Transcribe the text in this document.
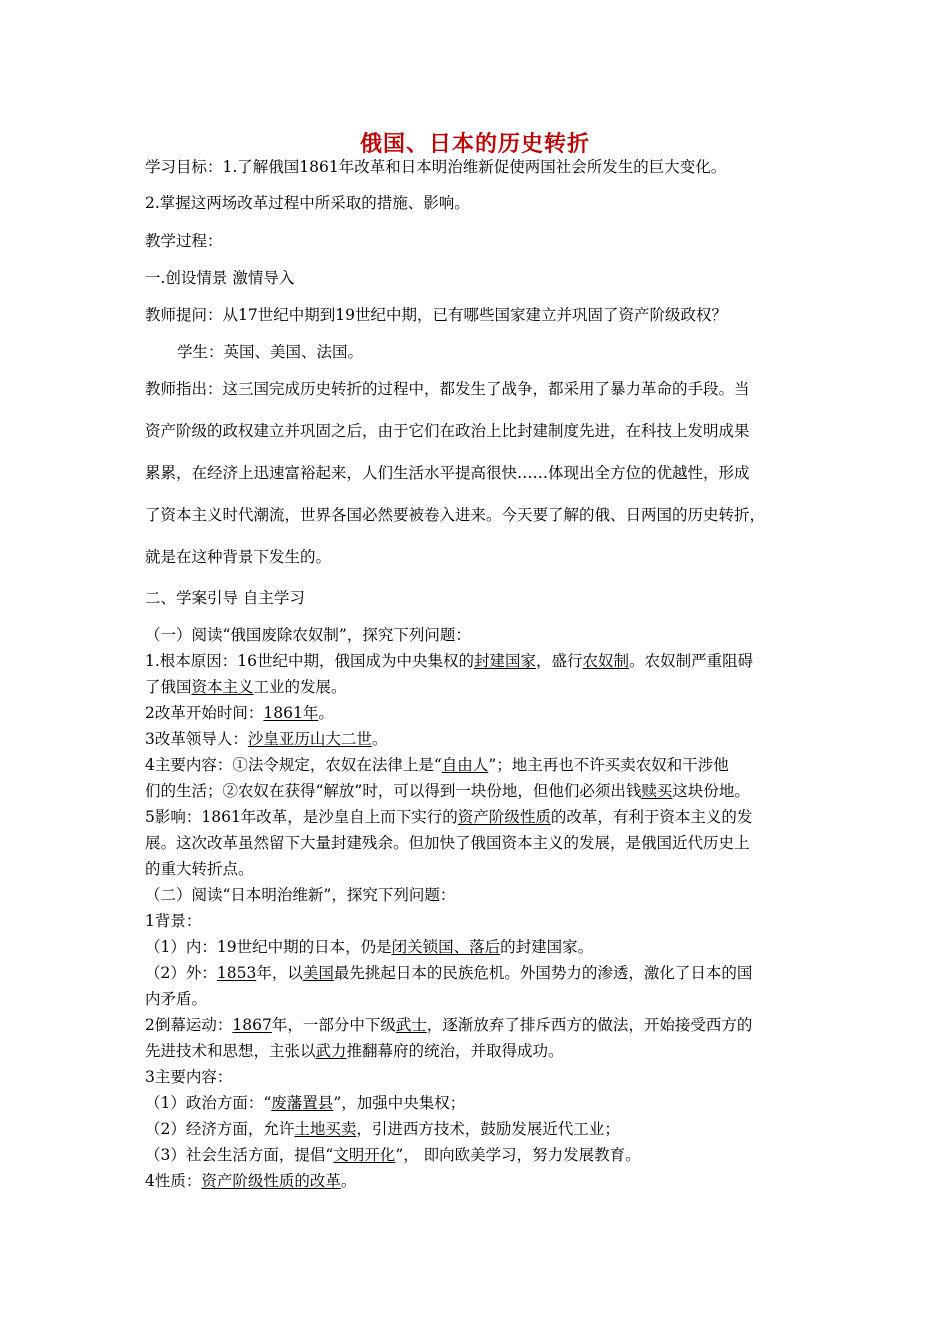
俄国、日本的历史转折
学习目标：1.了解俄国1861年改革和日本明治维新促使两国社会所发生的巨大变化。
2.掌握这两场改革过程中所采取的措施、影响。
教学过程：
一.创设情景 激情导入
教师提问：从17世纪中期到19世纪中期，已有哪些国家建立并巩固了资产阶级政权？
学生：英国、美国、法国。
教师指出：这三国完成历史转折的过程中，都发生了战争，都采用了暴力革命的手段。当
资产阶级的政权建立并巩固之后，由于它们在政治上比封建制度先进，在科技上发明成果
累累，在经济上迅速富裕起来，人们生活水平提高很快……体现出全方位的优越性，形成
了资本主义时代潮流，世界各国必然要被卷入进来。今天要了解的俄、日两国的历史转折，
就是在这种背景下发生的。
二、学案引导 自主学习
（一）阅读“俄国废除农奴制”，探究下列问题：
1.根本原因：16世纪中期，俄国成为中央集权的封建国家，盛行农奴制。农奴制严重阻碍
了俄国资本主义工业的发展。
2改革开始时间：1861年。
3改革领导人：沙皇亚历山大二世。
4主要内容：①法令规定，农奴在法律上是“自由人”；地主再也不许买卖农奴和干涉他
们的生活；②农奴在获得“解放”时，可以得到一块份地，但他们必须出钱赎买这块份地。
5影响：1861年改革，是沙皇自上而下实行的资产阶级性质的改革，有利于资本主义的发
展。这次改革虽然留下大量封建残余。但加快了俄国资本主义的发展，是俄国近代历史上
的重大转折点。
（二）阅读“日本明治维新”，探究下列问题：
1背景：
（1）内：19世纪中期的日本，仍是闭关锁国、落后的封建国家。
（2）外：1853年，以美国最先挑起日本的民族危机。外国势力的渗透，激化了日本的国
内矛盾。
2倒幕运动：1867年，一部分中下级武士，逐渐放弃了排斥西方的做法，开始接受西方的
先进技术和思想，主张以武力推翻幕府的统治，并取得成功。
3主要内容：
（1）政治方面：“废藩置县”，加强中央集权；
（2）经济方面，允许土地买卖，引进西方技术，鼓励发展近代工业；
（3）社会生活方面，提倡“文明开化”， 即向欧美学习，努力发展教育。
4性质：资产阶级性质的改革。
